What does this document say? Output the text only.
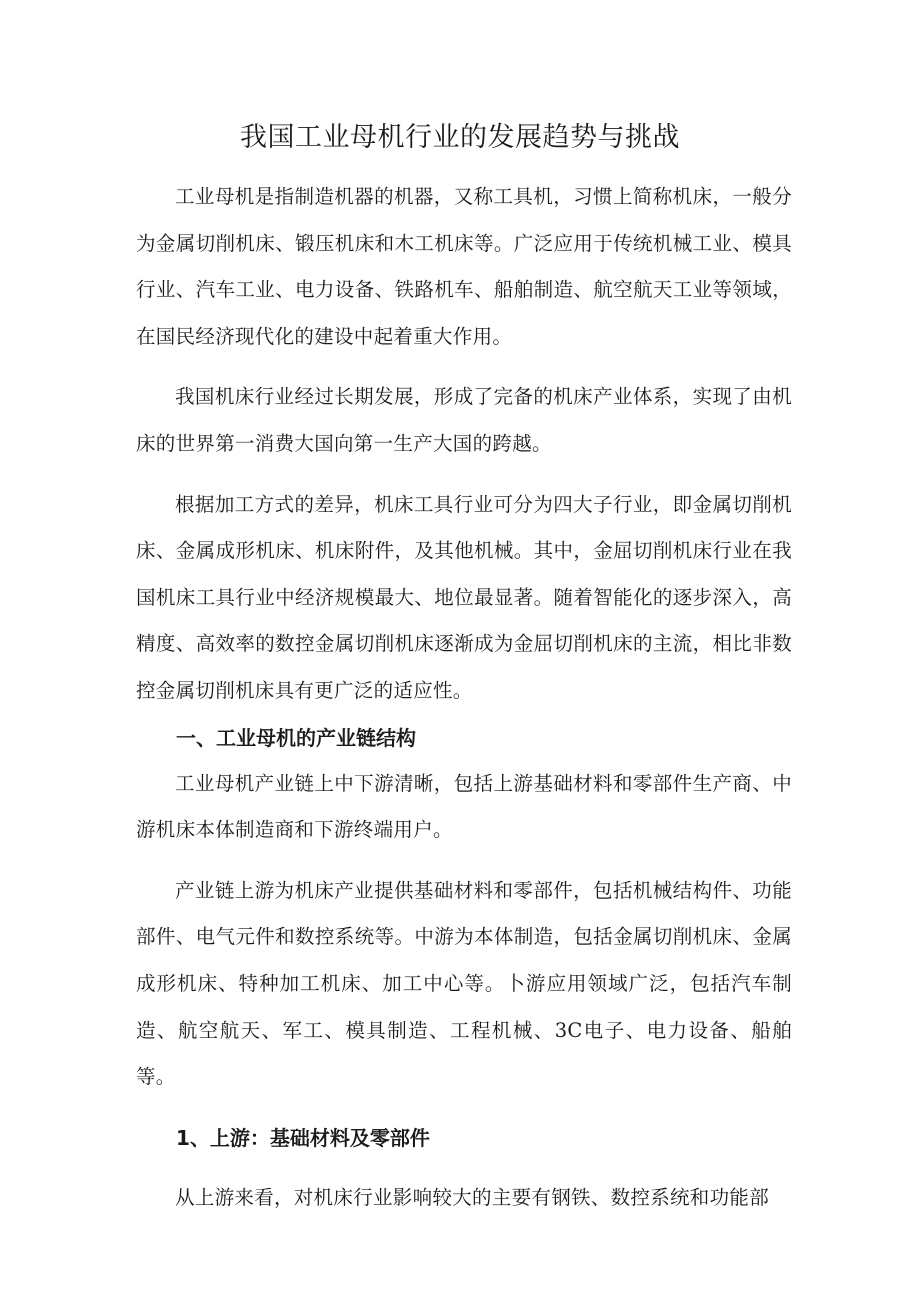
我国工业母机行业的发展趋势与挑战

工业母机是指制造机器的机器，又称工具机，习惯上简称机床，一般分为金属切削机床、锻压机床和木工机床等。广泛应用于传统机械工业、模具行业、汽车工业、电力设备、铁路机车、船舶制造、航空航天工业等领域，在国民经济现代化的建设中起着重大作用。

我国机床行业经过长期发展，形成了完备的机床产业体系，实现了由机床的世界第一消费大国向第一生产大国的跨越。

根据加工方式的差异，机床工具行业可分为四大子行业，即金属切削机床、金属成形机床、机床附件，及其他机械。其中，金屈切削机床行业在我国机床工具行业中经济规模最大、地位最显著。随着智能化的逐步深入，高精度、高效率的数控金属切削机床逐渐成为金屈切削机床的主流，相比非数控金属切削机床具有更广泛的适应性。

一、工业母机的产业链结构

工业母机产业链上中下游清晰，包括上游基础材料和零部件生产商、中游机床本体制造商和下游终端用户。

产业链上游为机床产业提供基础材料和零部件，包括机械结构件、功能部件、电气元件和数控系统等。中游为本体制造，包括金属切削机床、金属成形机床、特种加工机床、加工中心等。卜游应用领域广泛，包括汽车制造、航空航天、军工、模具制造、工程机械、3C电子、电力设备、船舶等。

1、上游：基础材料及零部件

从上游来看，对机床行业影响较大的主要有钢铁、数控系统和功能部
